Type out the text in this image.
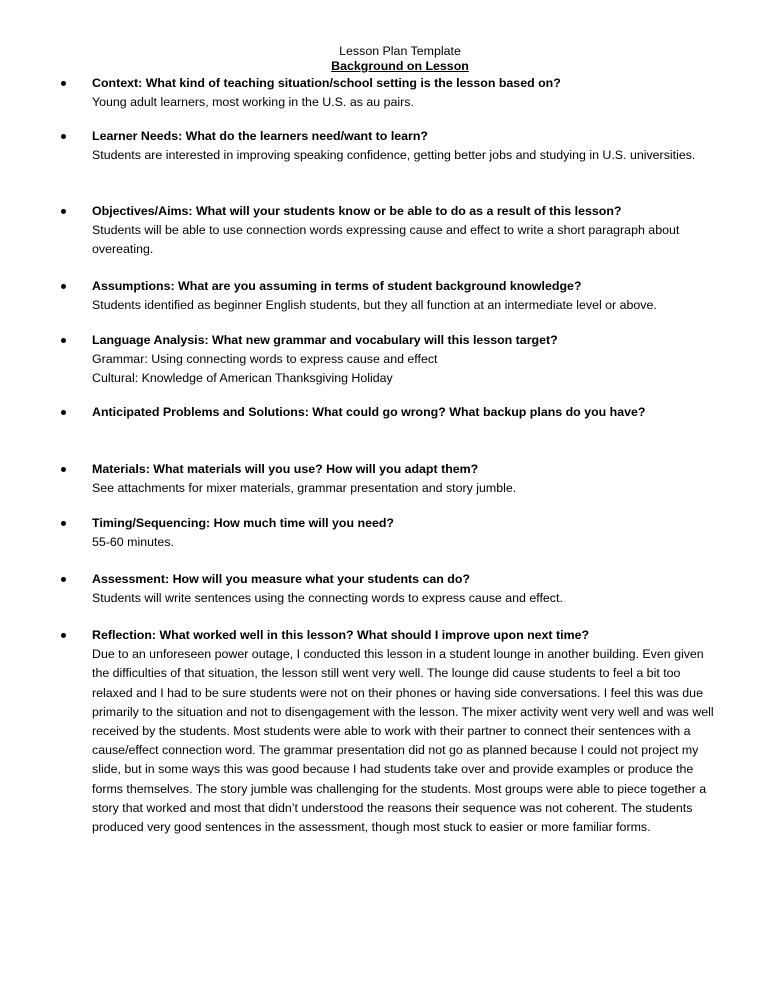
Lesson Plan Template
Background on Lesson
Context: What kind of teaching situation/school setting is the lesson based on?
Young adult learners, most working in the U.S. as au pairs.
Learner Needs: What do the learners need/want to learn?
Students are interested in improving speaking confidence, getting better jobs and studying in U.S. universities.
Objectives/Aims: What will your students know or be able to do as a result of this lesson?
Students will be able to use connection words expressing cause and effect to write a short paragraph about overeating.
Assumptions: What are you assuming in terms of student background knowledge?
Students identified as beginner English students, but they all function at an intermediate level or above.
Language Analysis: What new grammar and vocabulary will this lesson target?
Grammar: Using connecting words to express cause and effect
Cultural: Knowledge of American Thanksgiving Holiday
Anticipated Problems and Solutions: What could go wrong? What backup plans do you have?
Materials: What materials will you use? How will you adapt them?
See attachments for mixer materials, grammar presentation and story jumble.
Timing/Sequencing: How much time will you need?
55-60 minutes.
Assessment: How will you measure what your students can do?
Students will write sentences using the connecting words to express cause and effect.
Reflection: What worked well in this lesson? What should I improve upon next time?
Due to an unforeseen power outage, I conducted this lesson in a student lounge in another building. Even given the difficulties of that situation, the lesson still went very well. The lounge did cause students to feel a bit too relaxed and I had to be sure students were not on their phones or having side conversations. I feel this was due primarily to the situation and not to disengagement with the lesson. The mixer activity went very well and was well received by the students. Most students were able to work with their partner to connect their sentences with a cause/effect connection word. The grammar presentation did not go as planned because I could not project my slide, but in some ways this was good because I had students take over and provide examples or produce the forms themselves. The story jumble was challenging for the students. Most groups were able to piece together a story that worked and most that didn’t understood the reasons their sequence was not coherent. The students produced very good sentences in the assessment, though most stuck to easier or more familiar forms.
